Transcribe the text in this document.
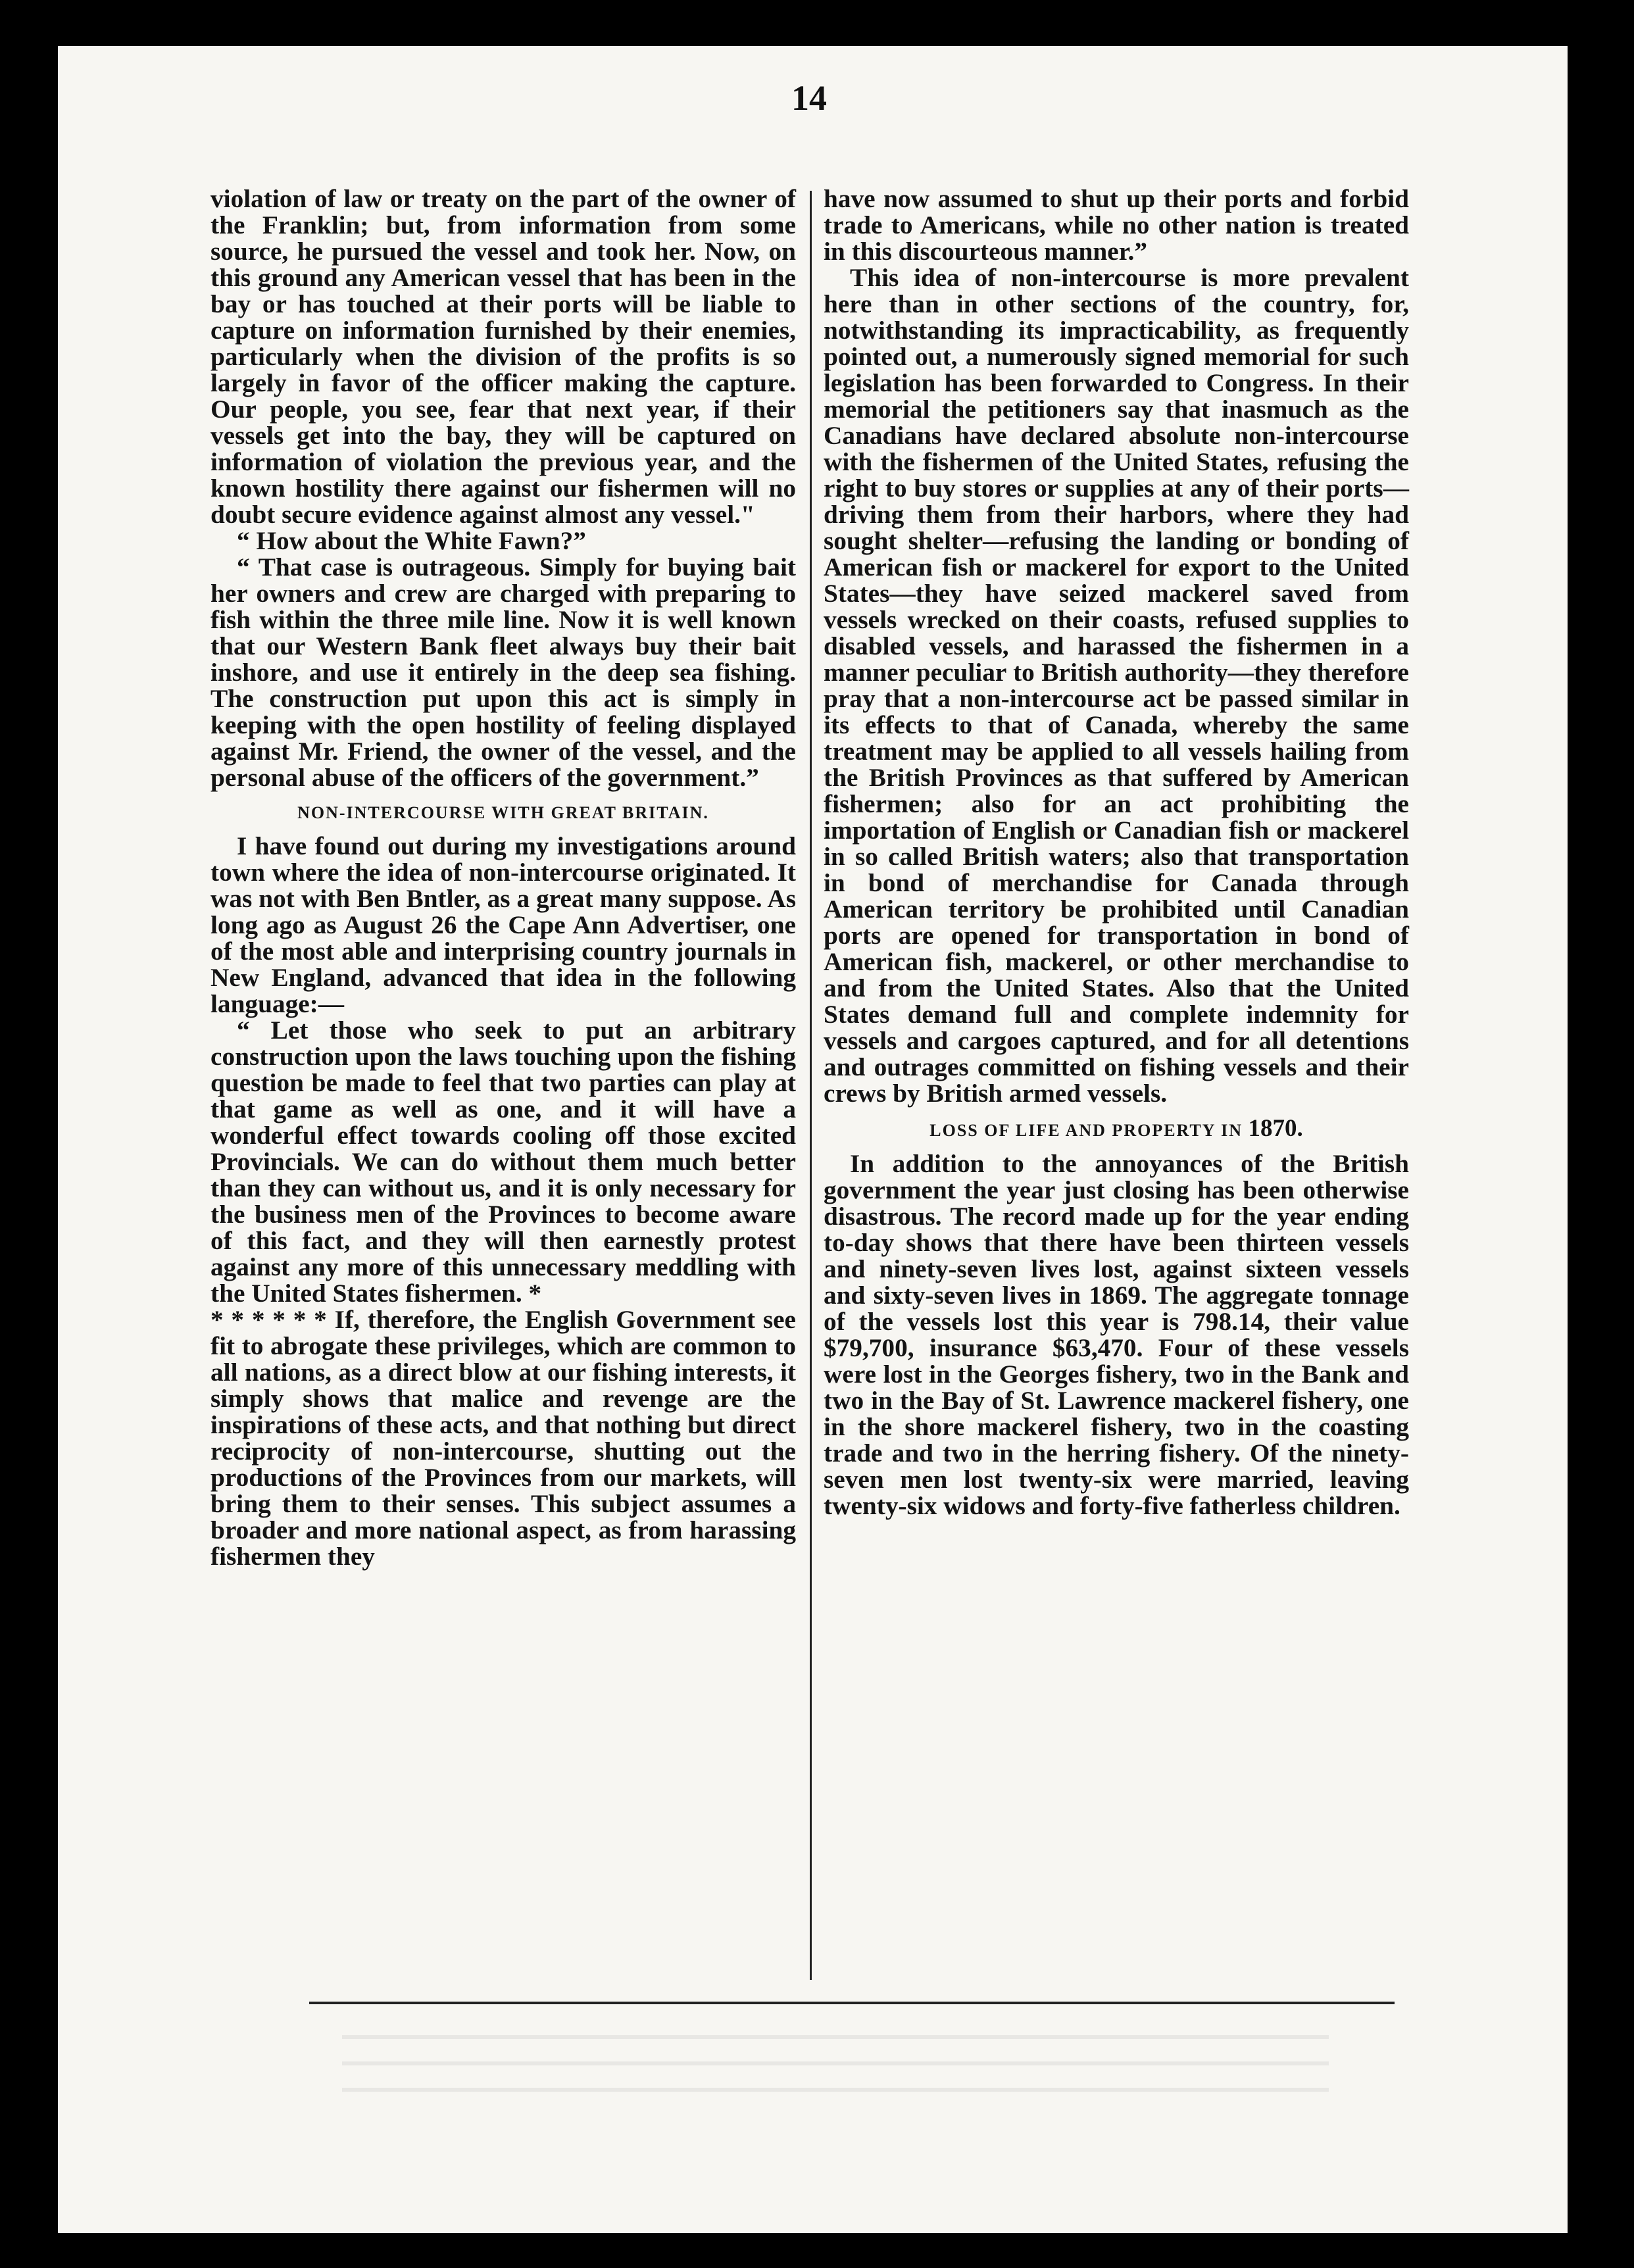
14

violation of law or treaty on the part of the owner of the Franklin; but, from information from some source, he pursued the vessel and took her. Now, on this ground any American vessel that has been in the bay or has touched at their ports will be liable to capture on information furnished by their enemies, particularly when the division of the profits is so largely in favor of the officer making the capture. Our people, you see, fear that next year, if their vessels get into the bay, they will be captured on information of violation the previous year, and the known hostility there against our fishermen will no doubt secure evidence against almost any vessel."

“ How about the White Fawn?”

“ That case is outrageous. Simply for buying bait her owners and crew are charged with preparing to fish within the three mile line. Now it is well known that our Western Bank fleet always buy their bait inshore, and use it entirely in the deep sea fishing. The construction put upon this act is simply in keeping with the open hostility of feeling displayed against Mr. Friend, the owner of the vessel, and the personal abuse of the officers of the government.”

NON-INTERCOURSE WITH GREAT BRITAIN.

I have found out during my investigations around town where the idea of non-intercourse originated. It was not with Ben Bntler, as a great many suppose. As long ago as August 26 the Cape Ann Advertiser, one of the most able and interprising country journals in New England, advanced that idea in the following language:—

“ Let those who seek to put an arbitrary construction upon the laws touching upon the fishing question be made to feel that two parties can play at that game as well as one, and it will have a wonderful effect towards cooling off those excited Provincials. We can do without them much better than they can without us, and it is only necessary for the business men of the Provinces to become aware of this fact, and they will then earnestly protest against any more of this unnecessary meddling with the United States fishermen. *

* * * * * * If, therefore, the English Government see fit to abrogate these privileges, which are common to all nations, as a direct blow at our fishing interests, it simply shows that malice and revenge are the inspirations of these acts, and that nothing but direct reciprocity of non-intercourse, shutting out the productions of the Provinces from our markets, will bring them to their senses. This subject assumes a broader and more national aspect, as from harassing fishermen they

have now assumed to shut up their ports and forbid trade to Americans, while no other nation is treated in this discourteous manner.”

This idea of non-intercourse is more prevalent here than in other sections of the country, for, notwithstanding its impracticability, as frequently pointed out, a numerously signed memorial for such legislation has been forwarded to Congress. In their memorial the petitioners say that inasmuch as the Canadians have declared absolute non-intercourse with the fishermen of the United States, refusing the right to buy stores or supplies at any of their ports—driving them from their harbors, where they had sought shelter—refusing the landing or bonding of American fish or mackerel for export to the United States—they have seized mackerel saved from vessels wrecked on their coasts, refused supplies to disabled vessels, and harassed the fishermen in a manner peculiar to British authority—they therefore pray that a non-intercourse act be passed similar in its effects to that of Canada, whereby the same treatment may be applied to all vessels hailing from the British Provinces as that suffered by American fishermen; also for an act prohibiting the importation of English or Canadian fish or mackerel in so called British waters; also that transportation in bond of merchandise for Canada through American territory be prohibited until Canadian ports are opened for transportation in bond of American fish, mackerel, or other merchandise to and from the United States. Also that the United States demand full and complete indemnity for vessels and cargoes captured, and for all detentions and outrages committed on fishing vessels and their crews by British armed vessels.

LOSS OF LIFE AND PROPERTY IN 1870.

In addition to the annoyances of the British government the year just closing has been otherwise disastrous. The record made up for the year ending to-day shows that there have been thirteen vessels and ninety-seven lives lost, against sixteen vessels and sixty-seven lives in 1869. The aggregate tonnage of the vessels lost this year is 798.14, their value $79,700, insurance $63,470. Four of these vessels were lost in the Georges fishery, two in the Bank and two in the Bay of St. Lawrence mackerel fishery, one in the shore mackerel fishery, two in the coasting trade and two in the herring fishery. Of the ninety-seven men lost twenty-six were married, leaving twenty-six widows and forty-five fatherless children.
